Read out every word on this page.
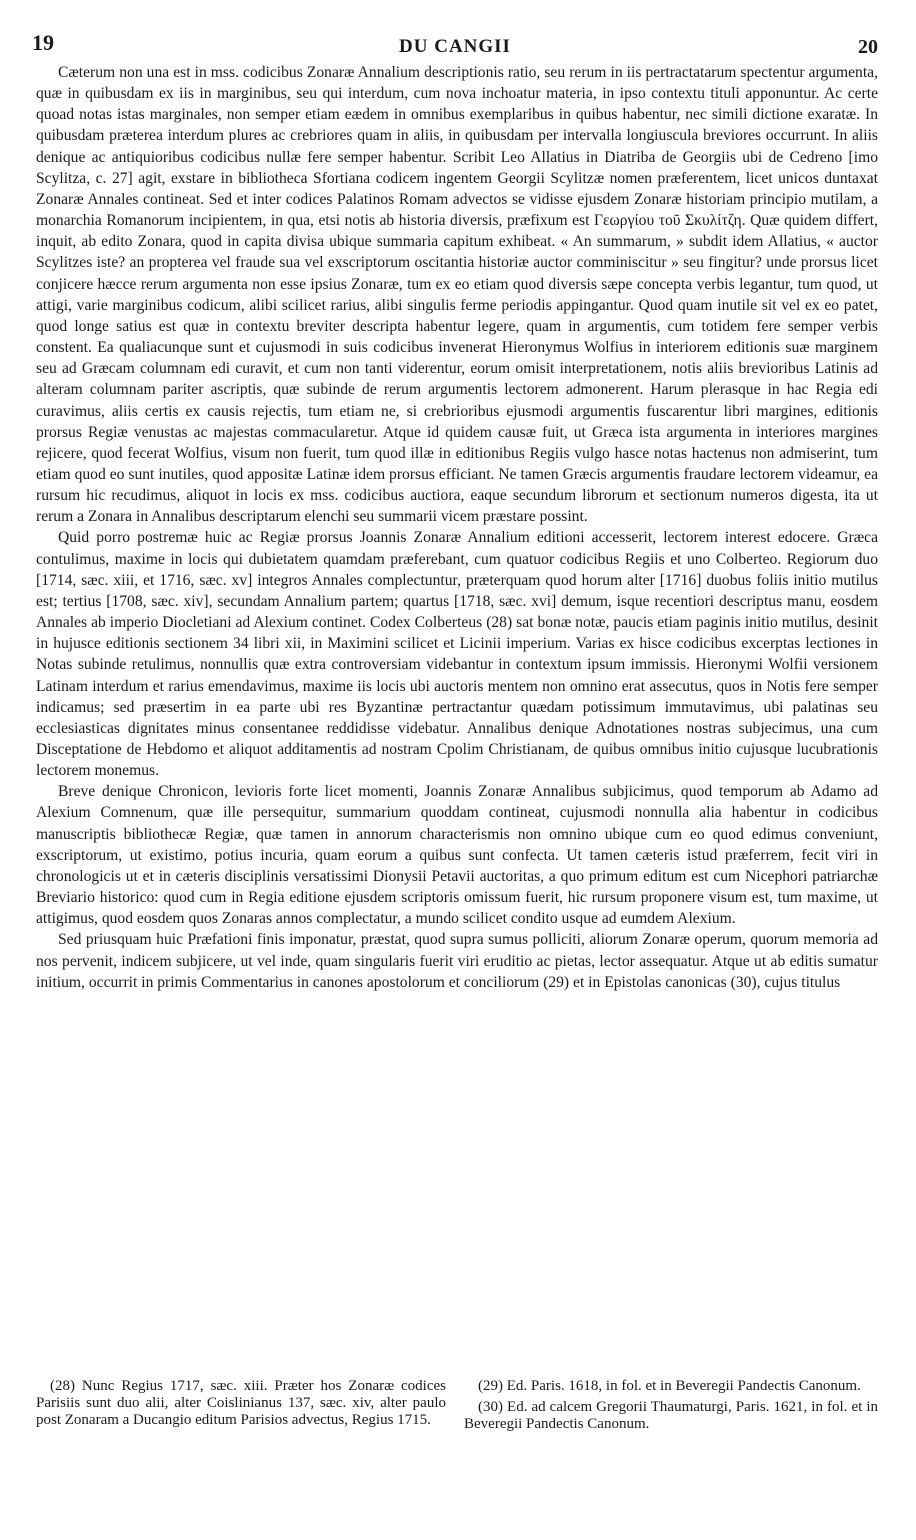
19	DU CANGII	20

Cæterum non una est in mss. codicibus Zonaræ Annalium descriptionis ratio, seu rerum in iis pertractatarum spectentur argumenta, quæ in quibusdam ex iis in marginibus, seu qui interdum, cum nova inchoatur materia, in ipso contextu tituli apponuntur. Ac certe quoad notas istas marginales, non semper etiam eædem in omnibus exemplaribus in quibus habentur, nec simili dictione exaratæ. In quibusdam præterea interdum plures ac crebriores quam in aliis, in quibusdam per intervalla longiuscula breviores occurrunt. In aliis denique ac antiquioribus codicibus nullæ fere semper habentur. Scribit Leo Allatius in Diatriba de Georgiis ubi de Cedreno [imo Scylitza, c. 27] agit, exstare in bibliotheca Sfortiana codicem ingentem Georgii Scylitzæ nomen præferentem, licet unicos duntaxat Zonaræ Annales contineat. Sed et inter codices Palatinos Romam advectos se vidisse ejusdem Zonaræ historiam principio mutilam, a monarchia Romanorum incipientem, in qua, etsi notis ab historia diversis, præfixum est Γεωργίου τοῦ Σκυλίτζη. Quæ quidem differt, inquit, ab edito Zonara, quod in capita divisa ubique summaria capitum exhibeat. « An summarum, » subdit idem Allatius, « auctor Scylitzes iste? an propterea vel fraude sua vel exscriptorum oscitantia historiæ auctor comminiscitur » seu fingitur? unde prorsus licet conjicere hæcce rerum argumenta non esse ipsius Zonaræ, tum ex eo etiam quod diversis sæpe concepta verbis legantur, tum quod, ut attigi, varie marginibus codicum, alibi scilicet rarius, alibi singulis ferme periodis appingantur. Quod quam inutile sit vel ex eo patet, quod longe satius est quæ in contextu breviter descripta habentur legere, quam in argumentis, cum totidem fere semper verbis constent. Ea qualiacunque sunt et cujusmodi in suis codicibus invenerat Hieronymus Wolfius in interiorem editionis suæ marginem seu ad Græcam columnam edi curavit, et cum non tanti viderentur, eorum omisit interpretationem, notis aliis brevioribus Latinis ad alteram columnam pariter ascriptis, quæ subinde de rerum argumentis lectorem admonerent. Harum plerasque in hac Regia edi curavimus, aliis certis ex causis rejectis, tum etiam ne, si crebrioribus ejusmodi argumentis fuscarentur libri margines, editionis prorsus Regiæ venustas ac majestas commacularetur. Atque id quidem causæ fuit, ut Græca ista argumenta in interiores margines rejicere, quod fecerat Wolfius, visum non fuerit, tum quod illæ in editionibus Regiis vulgo hasce notas hactenus non admiserint, tum etiam quod eo sunt inutiles, quod appositæ Latinæ idem prorsus efficiant. Ne tamen Græcis argumentis fraudare lectorem videamur, ea rursum hic recudimus, aliquot in locis ex mss. codicibus auctiora, eaque secundum librorum et sectionum numeros digesta, ita ut rerum a Zonara in Annalibus descriptarum elenchi seu summarii vicem præstare possint.

Quid porro postremæ huic ac Regiæ prorsus Joannis Zonaræ Annalium editioni accesserit, lectorem interest edocere. Græca contulimus, maxime in locis qui dubietatem quamdam præferebant, cum quatuor codicibus Regiis et uno Colberteo. Regiorum duo [1714, sæc. xiii, et 1716, sæc. xv] integros Annales complectuntur, præterquam quod horum alter [1716] duobus foliis initio mutilus est; tertius [1708, sæc. xiv], secundam Annalium partem; quartus [1718, sæc. xvi] demum, isque recentiori descriptus manu, eosdem Annales ab imperio Diocletiani ad Alexium continet. Codex Colberteus (28) sat bonæ notæ, paucis etiam paginis initio mutilus, desinit in hujusce editionis sectionem 34 libri xii, in Maximini scilicet et Licinii imperium. Varias ex hisce codicibus excerptas lectiones in Notas subinde retulimus, nonnullis quæ extra controversiam videbantur in contextum ipsum immissis. Hieronymi Wolfii versionem Latinam interdum et rarius emendavimus, maxime iis locis ubi auctoris mentem non omnino erat assecutus, quos in Notis fere semper indicamus; sed præsertim in ea parte ubi res Byzantinæ pertractantur quædam potissimum immutavimus, ubi palatinas seu ecclesiasticas dignitates minus consentanee reddidisse videbatur. Annalibus denique Adnotationes nostras subjecimus, una cum Disceptatione de Hebdomo et aliquot additamentis ad nostram Cpolim Christianam, de quibus omnibus initio cujusque lucubrationis lectorem monemus.

Breve denique Chronicon, levioris forte licet momenti, Joannis Zonaræ Annalibus subjicimus, quod temporum ab Adamo ad Alexium Comnenum, quæ ille persequitur, summarium quoddam contineat, cujusmodi nonnulla alia habentur in codicibus manuscriptis bibliothecæ Regiæ, quæ tamen in annorum characterismis non omnino ubique cum eo quod edimus conveniunt, exscriptorum, ut existimo, potius incuria, quam eorum a quibus sunt confecta. Ut tamen cæteris istud præferrem, fecit viri in chronologicis ut et in cæteris disciplinis versatissimi Dionysii Petavii auctoritas, a quo primum editum est cum Nicephori patriarchæ Breviario historico: quod cum in Regia editione ejusdem scriptoris omissum fuerit, hic rursum proponere visum est, tum maxime, ut attigimus, quod eosdem quos Zonaras annos complectatur, a mundo scilicet condito usque ad eumdem Alexium.

Sed priusquam huic Præfationi finis imponatur, præstat, quod supra sumus polliciti, aliorum Zonaræ operum, quorum memoria ad nos pervenit, indicem subjicere, ut vel inde, quam singularis fuerit viri eruditio ac pietas, lector assequatur. Atque ut ab editis sumatur initium, occurrit in primis Commentarius in canones apostolorum et conciliorum (29) et in Epistolas canonicas (30), cujus titulus

(28) Nunc Regius 1717, sæc. xiii. Præter hos Zonaræ codices Parisiis sunt duo alii, alter Coislinianus 137, sæc. xiv, alter paulo post Zonaram a Ducangio editum Parisios advectus, Regius 1715.

(29) Ed. Paris. 1618, in fol. et in Beveregii Pandectis Canonum.

(30) Ed. ad calcem Gregorii Thaumaturgi, Paris. 1621, in fol. et in Beveregii Pandectis Canonum.
